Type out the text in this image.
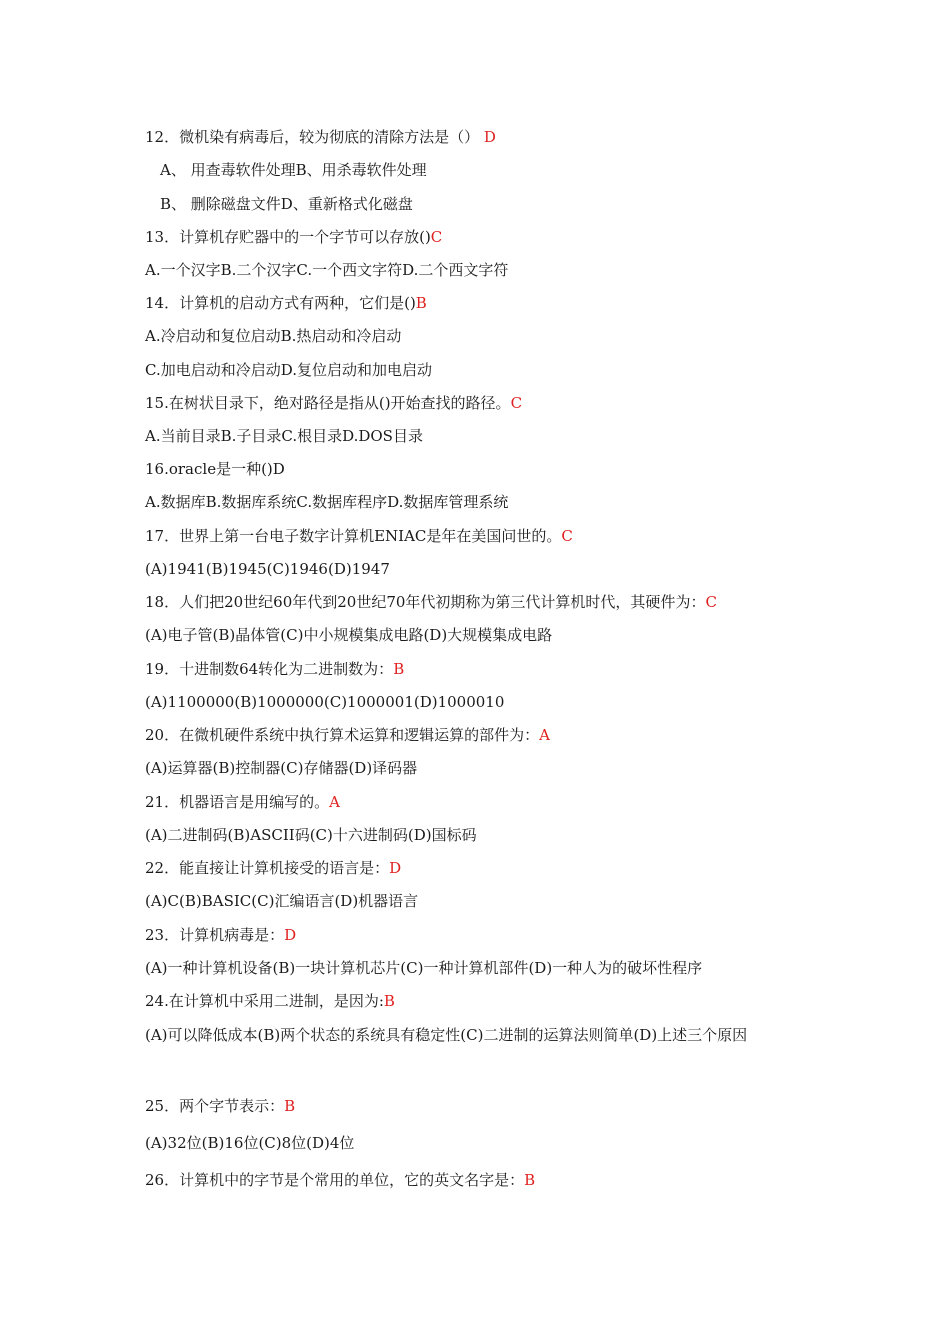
12．微机染有病毒后，较为彻底的清除方法是（） D
A、 用查毒软件处理B、用杀毒软件处理
B、 删除磁盘文件D、重新格式化磁盘
13．计算机存贮器中的一个字节可以存放()C
A.一个汉字B.二个汉字C.一个西文字符D.二个西文字符
14．计算机的启动方式有两种，它们是()B
A.冷启动和复位启动B.热启动和冷启动
C.加电启动和冷启动D.复位启动和加电启动
15.在树状目录下，绝对路径是指从()开始查找的路径。C
A.当前目录B.子目录C.根目录D.DOS目录
16.oracle是一种()D
A.数据库B.数据库系统C.数据库程序D.数据库管理系统
17．世界上第一台电子数字计算机ENIAC是年在美国问世的。C
(A)1941(B)1945(C)1946(D)1947
18．人们把20世纪60年代到20世纪70年代初期称为第三代计算机时代，其硬件为：C
(A)电子管(B)晶体管(C)中小规模集成电路(D)大规模集成电路
19．十进制数64转化为二进制数为：B
(A)1100000(B)1000000(C)1000001(D)1000010
20．在微机硬件系统中执行算术运算和逻辑运算的部件为：A
(A)运算器(B)控制器(C)存储器(D)译码器
21．机器语言是用编写的。A
(A)二进制码(B)ASCII码(C)十六进制码(D)国标码
22．能直接让计算机接受的语言是：D
(A)C(B)BASIC(C)汇编语言(D)机器语言
23．计算机病毒是：D
(A)一种计算机设备(B)一块计算机芯片(C)一种计算机部件(D)一种人为的破坏性程序
24.在计算机中采用二进制，是因为:B
(A)可以降低成本(B)两个状态的系统具有稳定性(C)二进制的运算法则简单(D)上述三个原因
25．两个字节表示：B
(A)32位(B)16位(C)8位(D)4位
26．计算机中的字节是个常用的单位，它的英文名字是：B
